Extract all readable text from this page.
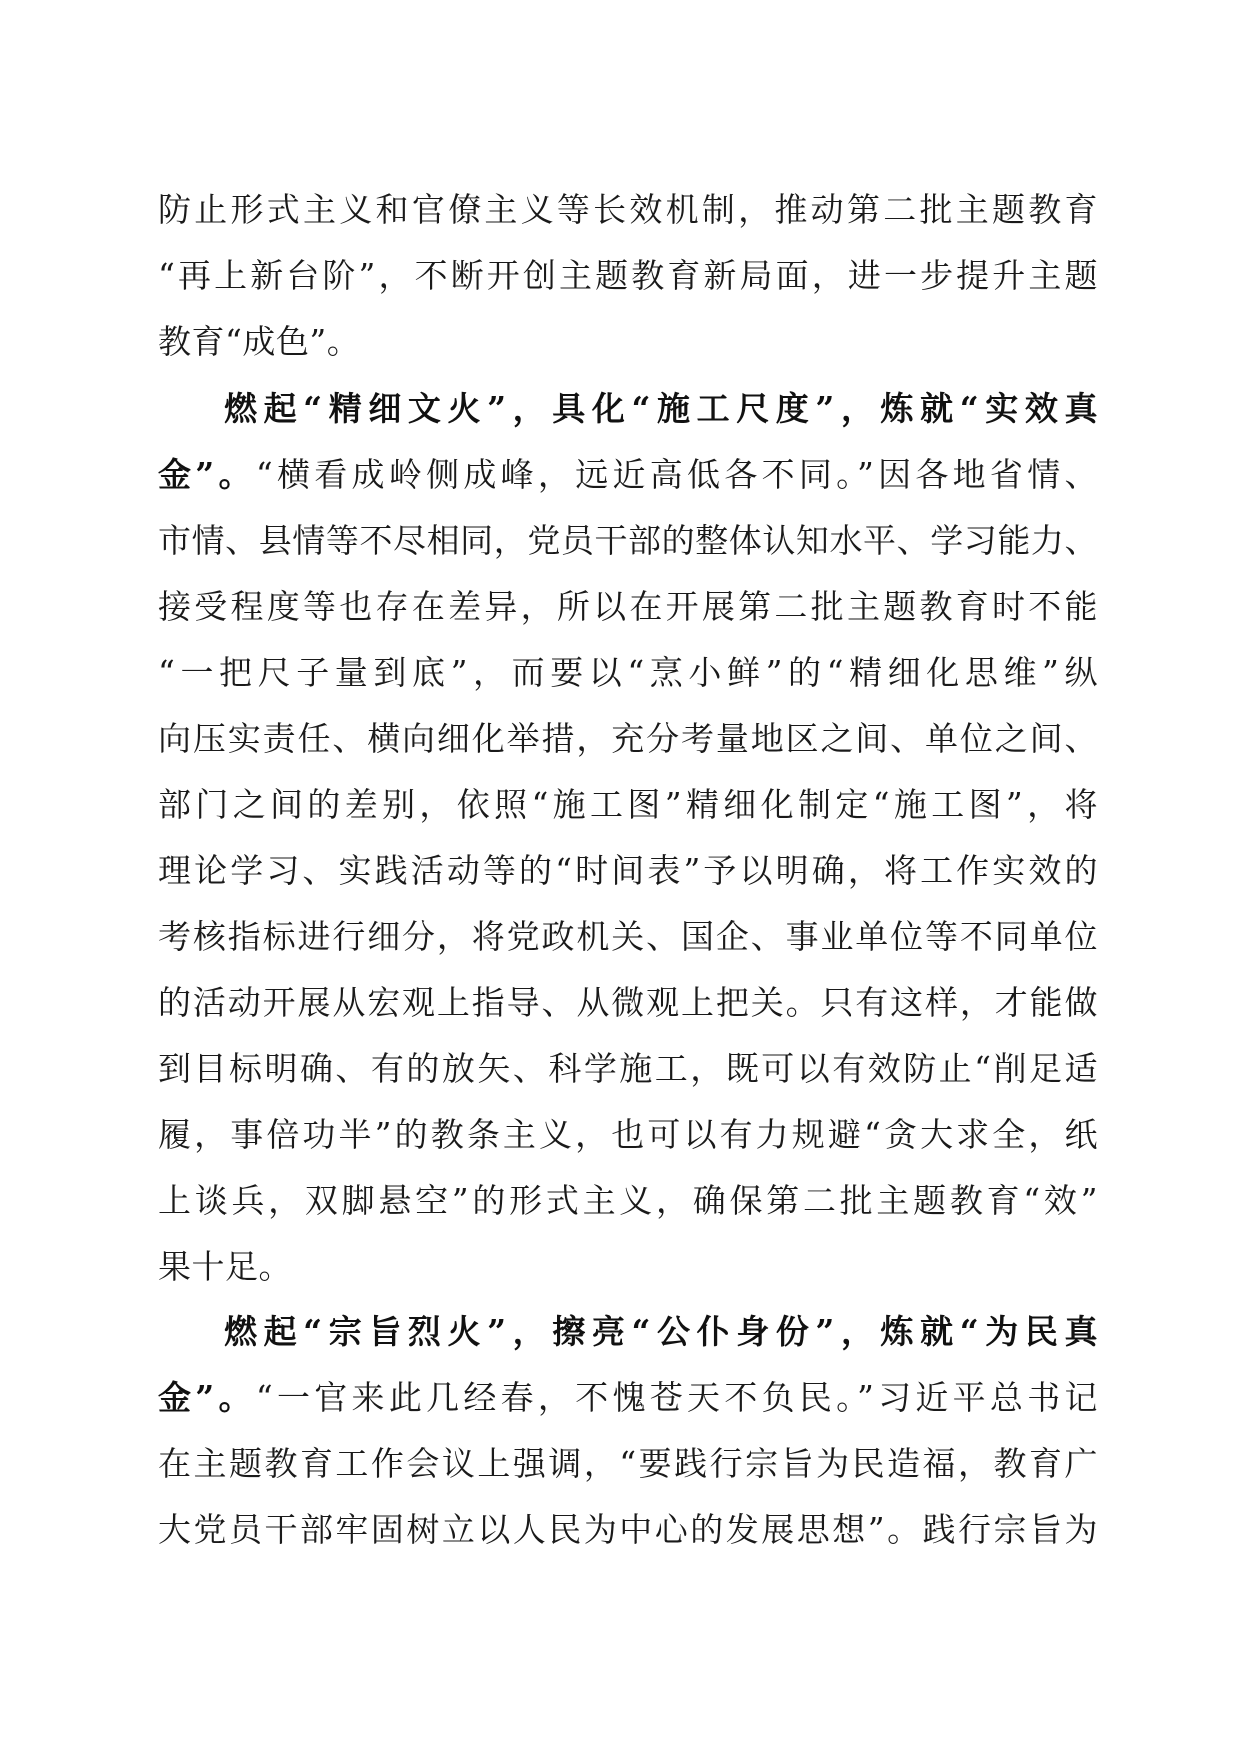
防止形式主义和官僚主义等长效机制，推动第二批主题教育
“再上新台阶”，不断开创主题教育新局面，进一步提升主题
教育“成色”。
燃起“精细文火”，具化“施工尺度”，炼就“实效真
金”。“横看成岭侧成峰，远近高低各不同。”因各地省情、
市情、县情等不尽相同，党员干部的整体认知水平、学习能力、
接受程度等也存在差异，所以在开展第二批主题教育时不能
“一把尺子量到底”，而要以“烹小鲜”的“精细化思维”纵
向压实责任、横向细化举措，充分考量地区之间、单位之间、
部门之间的差别，依照“施工图”精细化制定“施工图”，将
理论学习、实践活动等的“时间表”予以明确，将工作实效的
考核指标进行细分，将党政机关、国企、事业单位等不同单位
的活动开展从宏观上指导、从微观上把关。只有这样，才能做
到目标明确、有的放矢、科学施工，既可以有效防止“削足适
履，事倍功半”的教条主义，也可以有力规避“贪大求全，纸
上谈兵，双脚悬空”的形式主义，确保第二批主题教育“效”
果十足。
燃起“宗旨烈火”，擦亮“公仆身份”，炼就“为民真
金”。“一官来此几经春，不愧苍天不负民。”习近平总书记
在主题教育工作会议上强调，“要践行宗旨为民造福，教育广
大党员干部牢固树立以人民为中心的发展思想”。践行宗旨为
